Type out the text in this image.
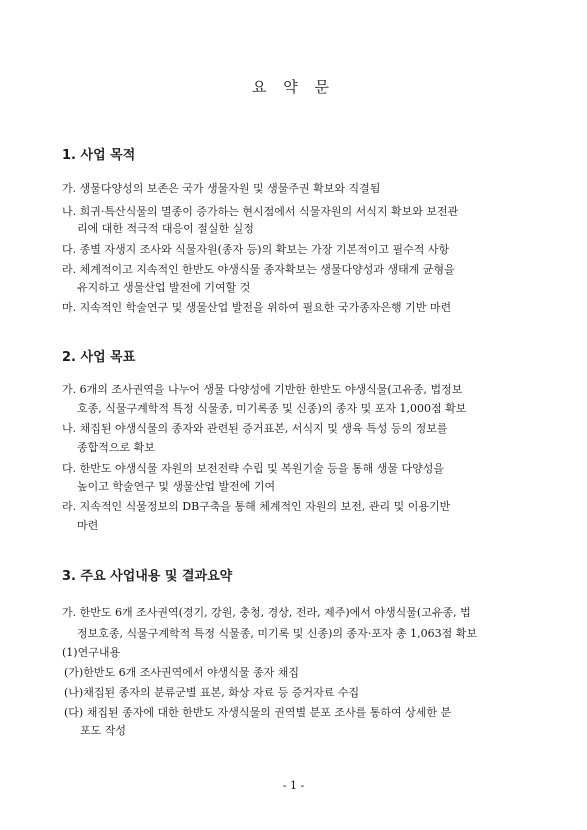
요 약 문
1. 사업 목적
가. 생물다양성의 보존은 국가 생물자원 및 생물주권 확보와 직결됨
나. 희귀·특산식물의 멸종이 증가하는 현시점에서 식물자원의 서식지 확보와 보전관
리에 대한 적극적 대응이 절실한 실정
다. 종별 자생지 조사와 식물자원(종자 등)의 확보는 가장 기본적이고 필수적 사항
라. 체계적이고 지속적인 한반도 야생식물 종자확보는 생물다양성과 생태계 균형을
유지하고 생물산업 발전에 기여할 것
마. 지속적인 학술연구 및 생물산업 발전을 위하여 필요한 국가종자은행 기반 마련
2. 사업 목표
가. 6개의 조사권역을 나누어 생물 다양성에 기반한 한반도 야생식물(고유종, 법정보
호종, 식물구계학적 특정 식물종, 미기록종 및 신종)의 종자 및 포자 1,000점 확보
나. 채집된 야생식물의 종자와 관련된 증거표본, 서식지 및 생육 특성 등의 정보를
종합적으로 확보
다. 한반도 야생식물 자원의 보전전략 수립 및 복원기술 등을 통해 생물 다양성을
높이고 학술연구 및 생물산업 발전에 기여
라. 지속적인 식물정보의 DB구축을 통해 체계적인 자원의 보전, 관리 및 이용기반
마련
3. 주요 사업내용 및 결과요약
가. 한반도 6개 조사권역(경기, 강원, 충청, 경상, 전라, 제주)에서 야생식물(고유종, 법
정보호종, 식물구계학적 특정 식물종, 미기록 및 신종)의 종자·포자 총 1,063점 확보
(1)연구내용
(가)한반도 6개 조사권역에서 야생식물 종자 채집
(나)채집된 종자의 분류군별 표본, 화상 자료 등 증거자료 수집
(다) 채집된 종자에 대한 한반도 자생식물의 권역별 분포 조사를 통하여 상세한 분
포도 작성
- 1 -
